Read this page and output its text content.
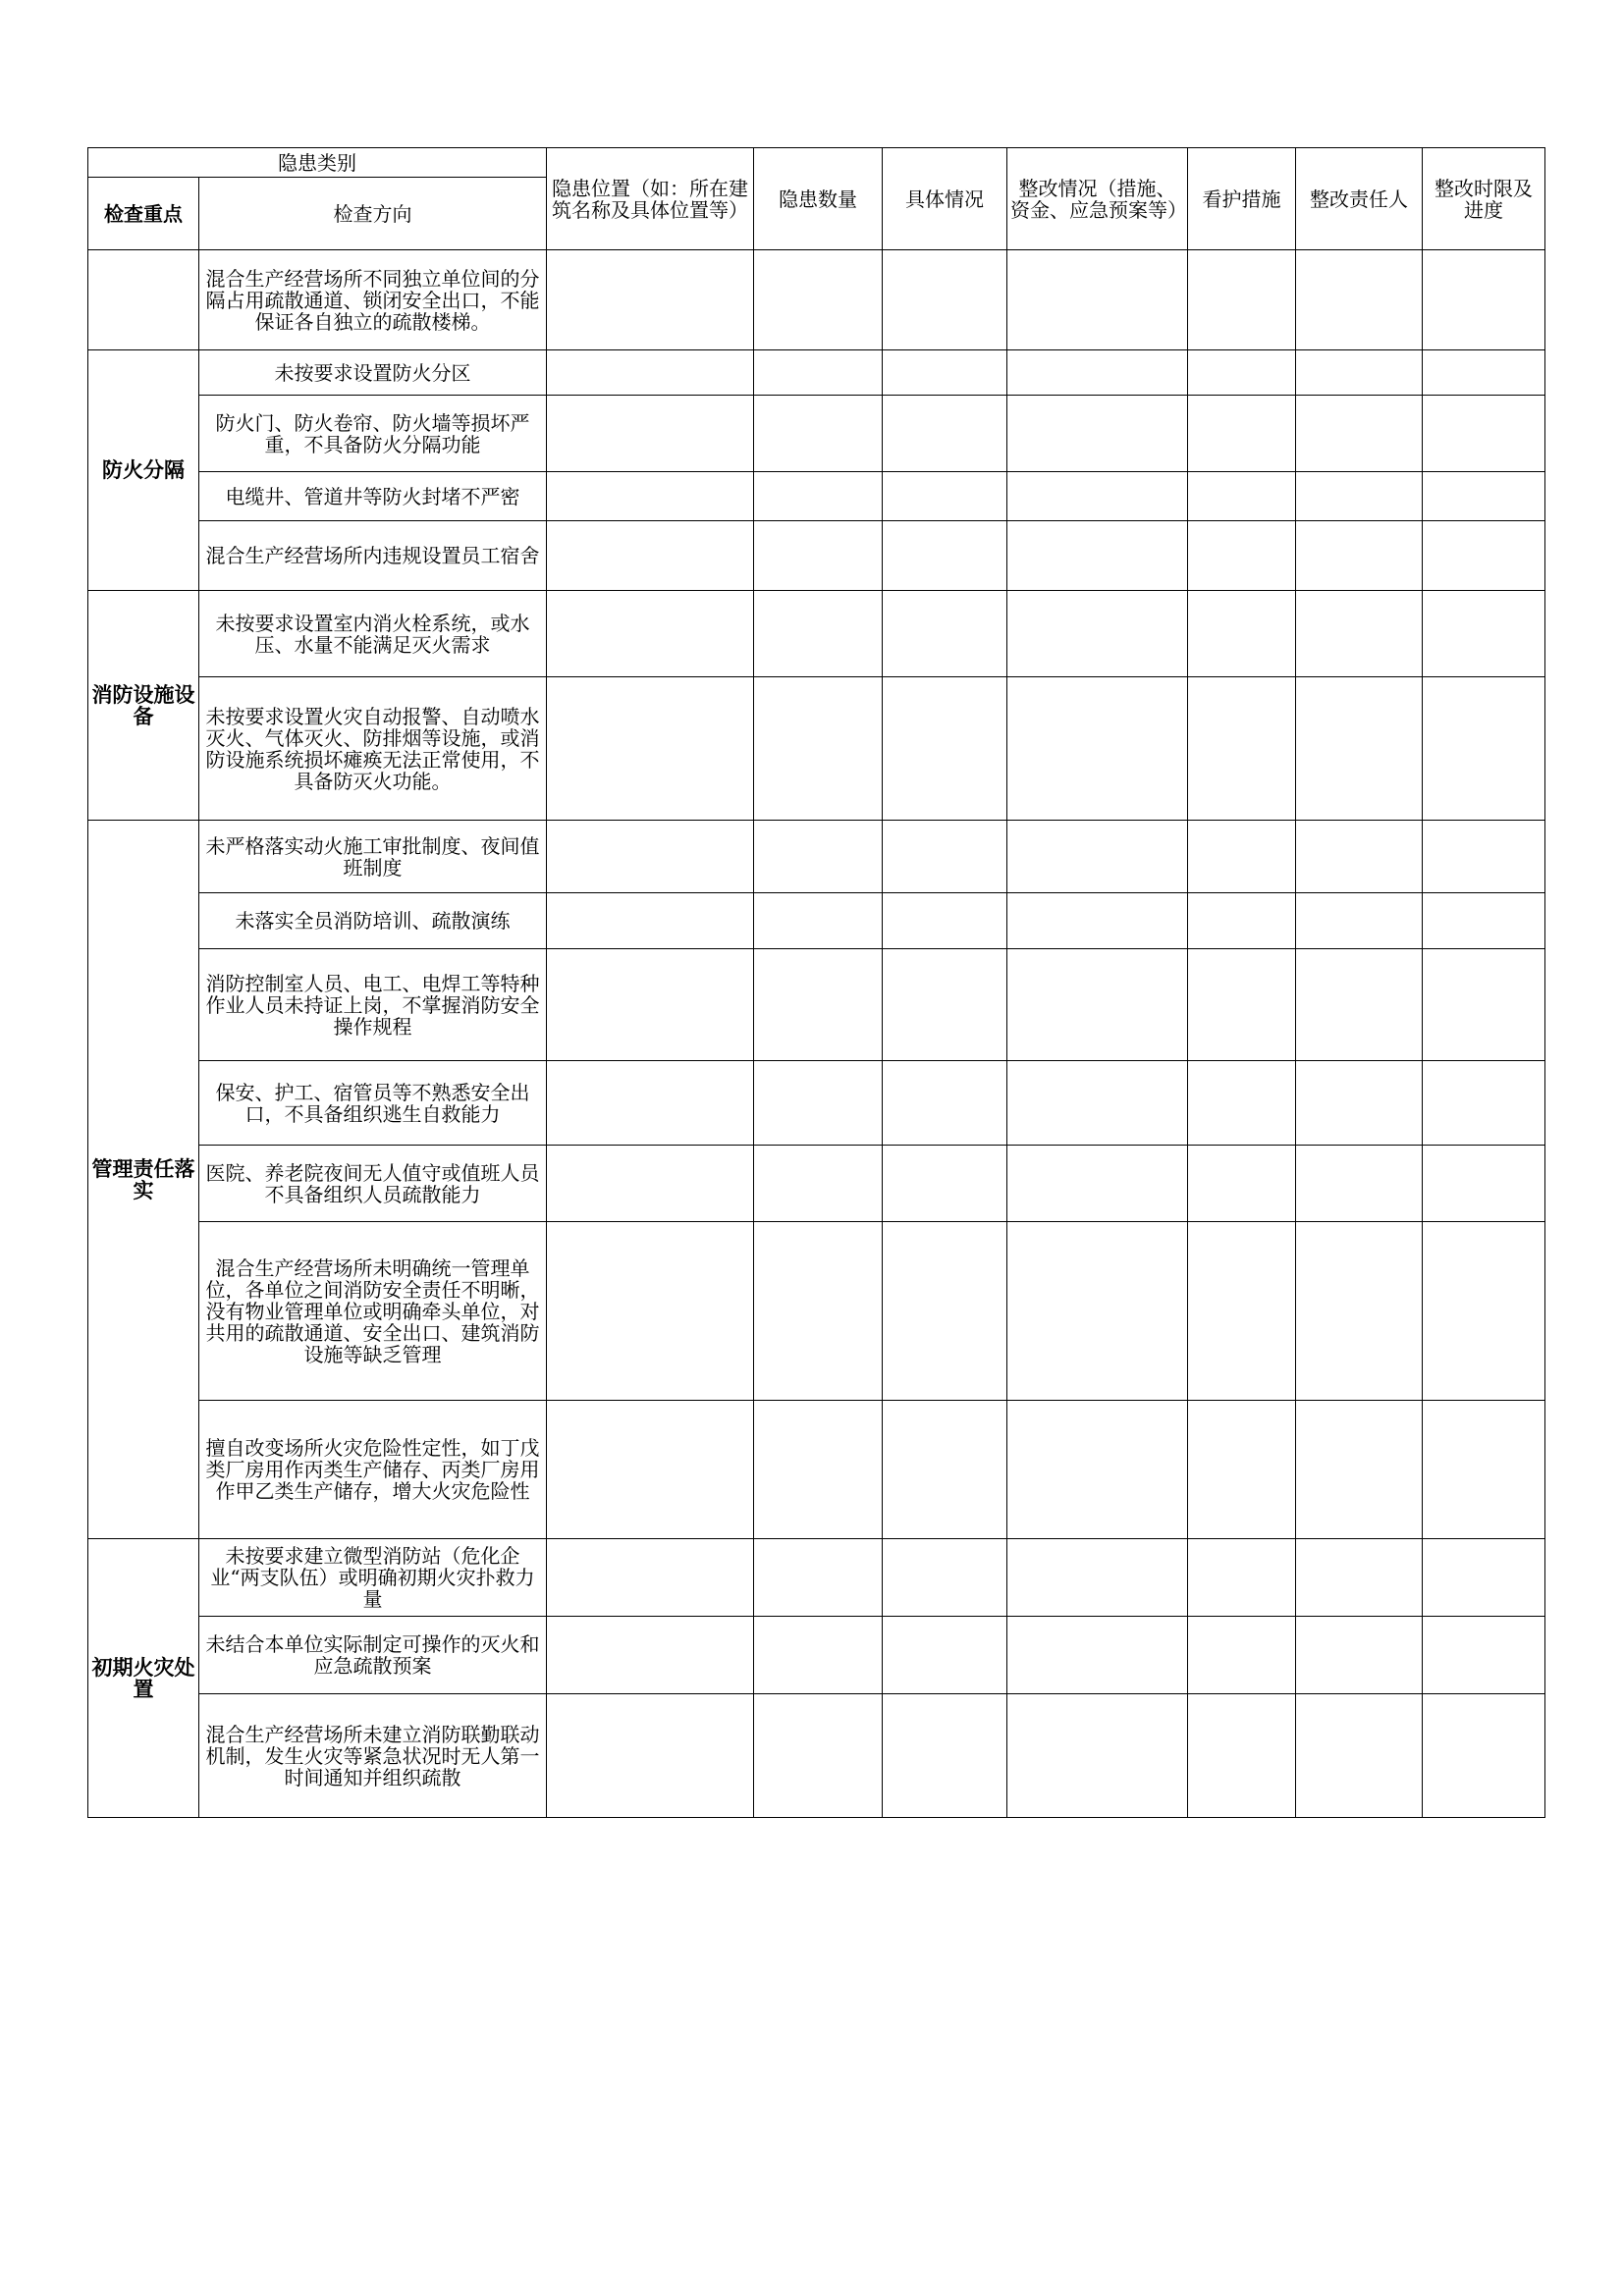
隐患类别		隐患位置（如：所在建筑名称及具体位置等）	隐患数量	具体情况	整改情况（措施、资金、应急预案等）	看护措施	整改责任人	整改时限及进度
检查重点	检查方向							
	混合生产经营场所不同独立单位间的分隔占用疏散通道、锁闭安全出口，不能保证各自独立的疏散楼梯。							
防火分隔	未按要求设置防火分区							
	防火门、防火卷帘、防火墙等损坏严重，不具备防火分隔功能							
	电缆井、管道井等防火封堵不严密							
	混合生产经营场所内违规设置员工宿舍							
消防设施设备	未按要求设置室内消火栓系统，或水压、水量不能满足灭火需求							
	未按要求设置火灾自动报警、自动喷水灭火、气体灭火、防排烟等设施，或消防设施系统损坏瘫痪无法正常使用，不具备防灭火功能。							
管理责任落实	未严格落实动火施工审批制度、夜间值班制度							
	未落实全员消防培训、疏散演练							
	消防控制室人员、电工、电焊工等特种作业人员未持证上岗，不掌握消防安全操作规程							
	保安、护工、宿管员等不熟悉安全出口，不具备组织逃生自救能力							
	医院、养老院夜间无人值守或值班人员不具备组织人员疏散能力							
	混合生产经营场所未明确统一管理单位，各单位之间消防安全责任不明晰，没有物业管理单位或明确牵头单位，对共用的疏散通道、安全出口、建筑消防设施等缺乏管理							
	擅自改变场所火灾危险性定性，如丁戊类厂房用作丙类生产储存、丙类厂房用作甲乙类生产储存，增大火灾危险性							
初期火灾处置	未按要求建立微型消防站（危化企业“两支队伍）或明确初期火灾扑救力量							
	未结合本单位实际制定可操作的灭火和应急疏散预案							
	混合生产经营场所未建立消防联勤联动机制，发生火灾等紧急状况时无人第一时间通知并组织疏散							
